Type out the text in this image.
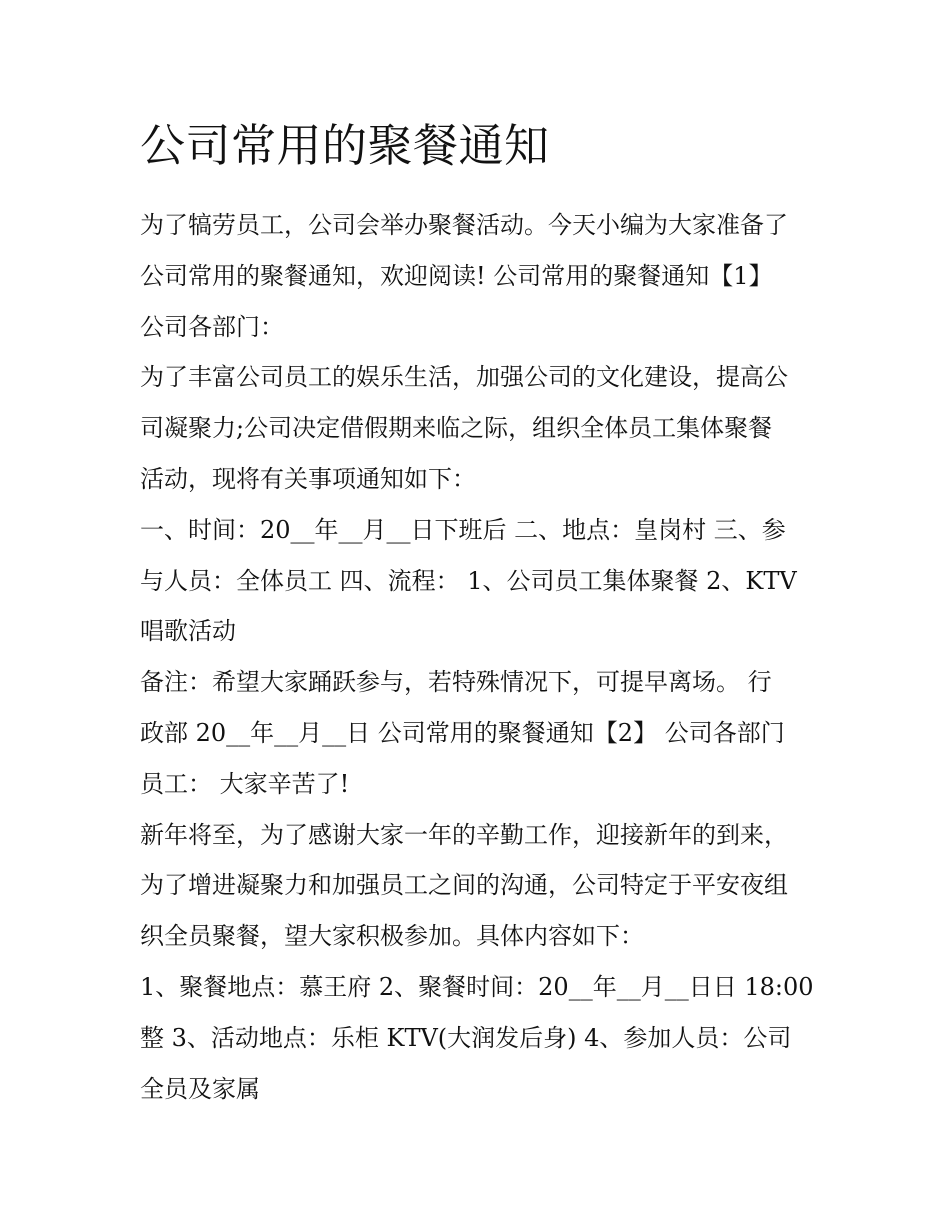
公司常用的聚餐通知

为了犒劳员工，公司会举办聚餐活动。今天小编为大家准备了

公司常用的聚餐通知，欢迎阅读! 公司常用的聚餐通知【1】

公司各部门：

为了丰富公司员工的娱乐生活，加强公司的文化建设，提高公

司凝聚力;公司决定借假期来临之际，组织全体员工集体聚餐

活动，现将有关事项通知如下：

一、时间：20__年__月__日下班后 二、地点：皇岗村 三、参

与人员：全体员工 四、流程： 1、公司员工集体聚餐 2、KTV

唱歌活动

备注：希望大家踊跃参与，若特殊情况下，可提早离场。 行

政部 20__年__月__日 公司常用的聚餐通知【2】 公司各部门

员工： 大家辛苦了!

新年将至，为了感谢大家一年的辛勤工作，迎接新年的到来，

为了增进凝聚力和加强员工之间的沟通，公司特定于平安夜组

织全员聚餐，望大家积极参加。具体内容如下：

1、聚餐地点：慕王府 2、聚餐时间：20__年__月__日日 18:00

整 3、活动地点：乐柜 KTV(大润发后身) 4、参加人员：公司

全员及家属
